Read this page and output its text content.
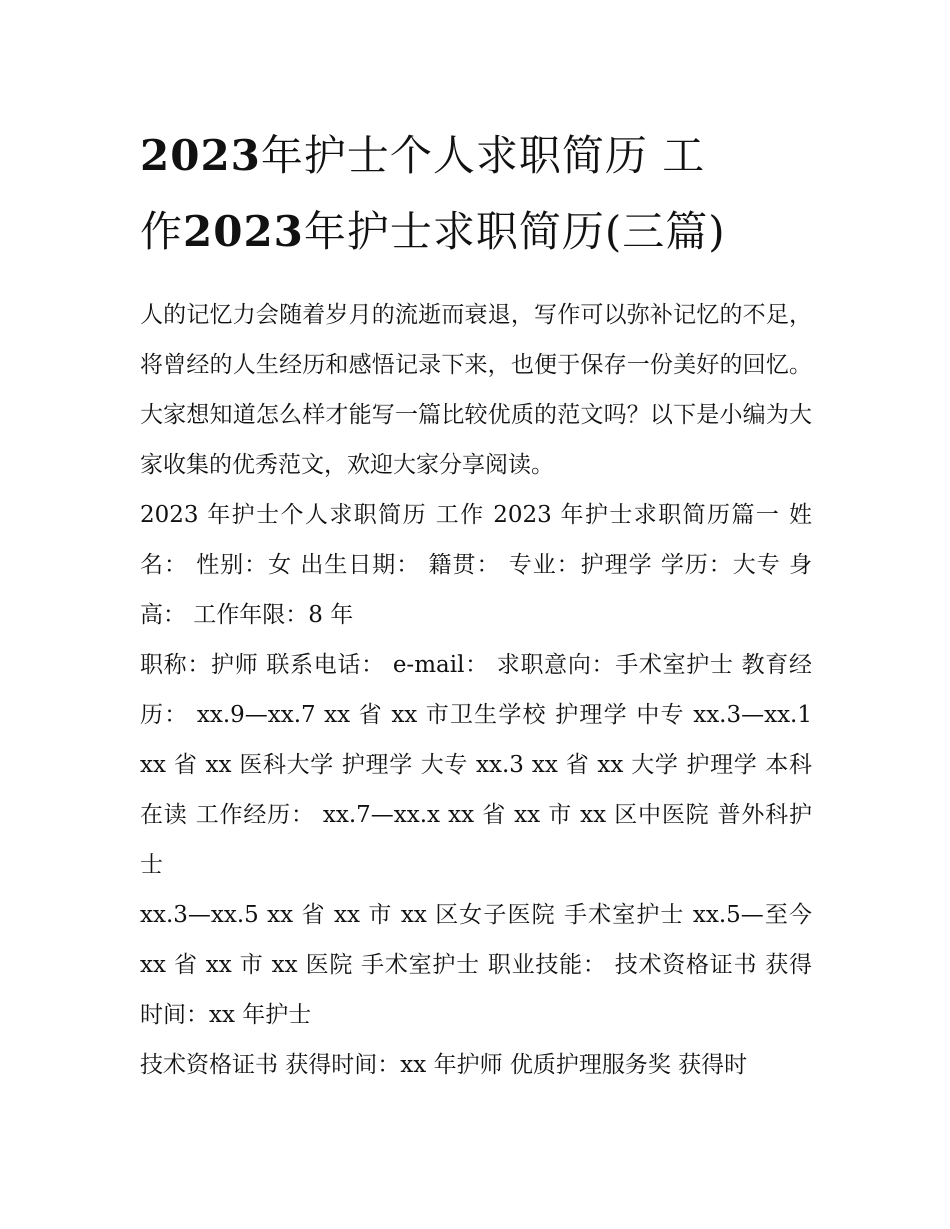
2023年护士个人求职简历 工
作2023年护士求职简历(三篇)

人的记忆力会随着岁月的流逝而衰退，写作可以弥补记忆的不足，将曾经的人生经历和感悟记录下来，也便于保存一份美好的回忆。大家想知道怎么样才能写一篇比较优质的范文吗？以下是小编为大家收集的优秀范文，欢迎大家分享阅读。

2023 年护士个人求职简历 工作 2023 年护士求职简历篇一 姓名： 性别：女 出生日期： 籍贯： 专业：护理学 学历：大专 身高： 工作年限：8 年

职称：护师 联系电话： e-mail： 求职意向：手术室护士 教育经历： xx.9—xx.7 xx 省 xx 市卫生学校 护理学 中专 xx.3—xx.1 xx 省 xx 医科大学 护理学 大专 xx.3 xx 省 xx 大学 护理学 本科 在读 工作经历： xx.7—xx.x xx 省 xx 市 xx 区中医院 普外科护士

xx.3—xx.5 xx 省 xx 市 xx 区女子医院 手术室护士 xx.5—至今 xx 省 xx 市 xx 医院 手术室护士 职业技能： 技术资格证书 获得时间：xx 年护士

技术资格证书 获得时间：xx 年护师 优质护理服务奖 获得时
